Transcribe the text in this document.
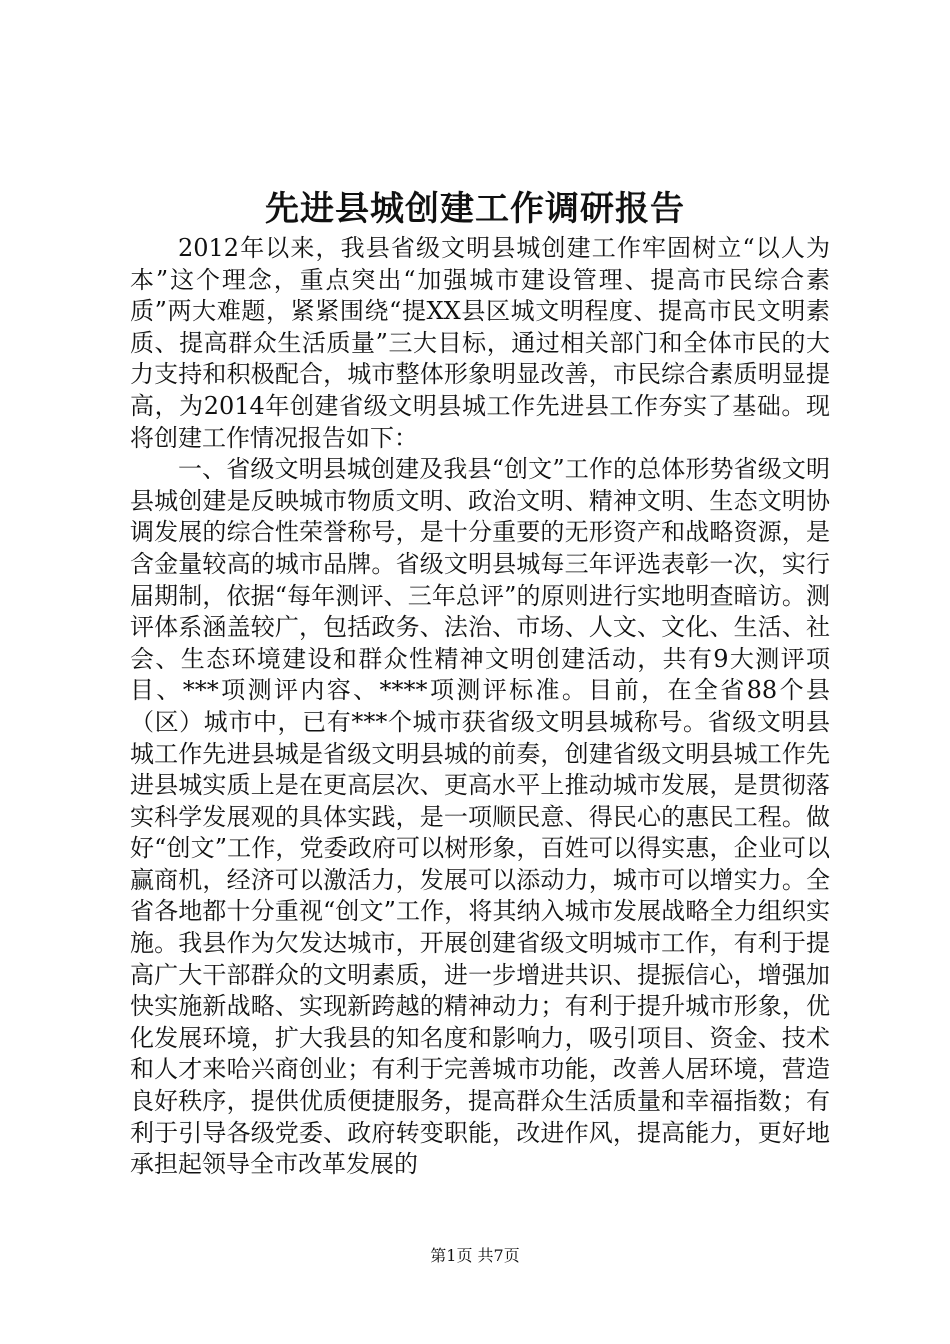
先进县城创建工作调研报告

2012年以来，我县省级文明县城创建工作牢固树立“以人为本”这个理念，重点突出“加强城市建设管理、提高市民综合素质”两大难题，紧紧围绕“提XX县区城文明程度、提高市民文明素质、提高群众生活质量”三大目标，通过相关部门和全体市民的大力支持和积极配合，城市整体形象明显改善，市民综合素质明显提高，为2014年创建省级文明县城工作先进县工作夯实了基础。现将创建工作情况报告如下：

一、省级文明县城创建及我县“创文”工作的总体形势省级文明县城创建是反映城市物质文明、政治文明、精神文明、生态文明协调发展的综合性荣誉称号，是十分重要的无形资产和战略资源，是含金量较高的城市品牌。省级文明县城每三年评选表彰一次，实行届期制，依据“每年测评、三年总评”的原则进行实地明查暗访。测评体系涵盖较广，包括政务、法治、市场、人文、文化、生活、社会、生态环境建设和群众性精神文明创建活动，共有9大测评项目、***项测评内容、****项测评标准。目前，在全省88个县（区）城市中，已有***个城市获省级文明县城称号。省级文明县城工作先进县城是省级文明县城的前奏，创建省级文明县城工作先进县城实质上是在更高层次、更高水平上推动城市发展，是贯彻落实科学发展观的具体实践，是一项顺民意、得民心的惠民工程。做好“创文”工作，党委政府可以树形象，百姓可以得实惠，企业可以赢商机，经济可以激活力，发展可以添动力，城市可以增实力。全省各地都十分重视“创文”工作，将其纳入城市发展战略全力组织实施。我县作为欠发达城市，开展创建省级文明城市工作，有利于提高广大干部群众的文明素质，进一步增进共识、提振信心，增强加快实施新战略、实现新跨越的精神动力；有利于提升城市形象，优化发展环境，扩大我县的知名度和影响力，吸引项目、资金、技术和人才来哈兴商创业；有利于完善城市功能，改善人居环境，营造良好秩序，提供优质便捷服务，提高群众生活质量和幸福指数；有利于引导各级党委、政府转变职能，改进作风，提高能力，更好地承担起领导全市改革发展的

第1页 共7页
